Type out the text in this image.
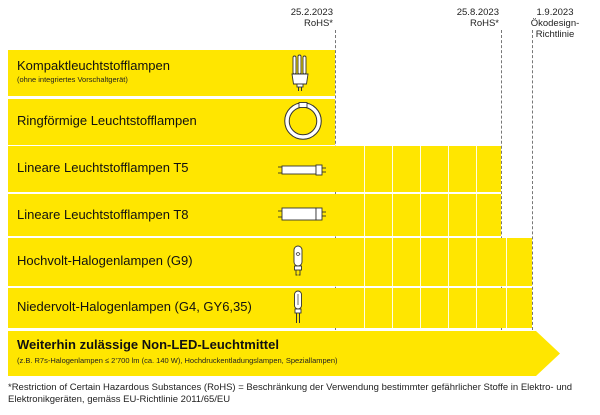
25.2.2023
RoHS*
25.8.2023
RoHS*
1.9.2023
Ökodesign-Richtlinie
Kompaktleuchtstofflampen
(ohne integriertes Vorschaltgerät)
Ringförmige Leuchtstofflampen
Lineare Leuchtstofflampen T5
Lineare Leuchtstofflampen T8
Hochvolt-Halogenlampen (G9)
Niedervolt-Halogenlampen (G4, GY6,35)
Weiterhin zulässige Non-LED-Leuchtmittel
(z.B. R7s-Halogenlampen ≤ 2’700 lm (ca. 140 W), Hochdruckentladungslampen, Speziallampen)
*Restriction of Certain Hazardous Substances (RoHS) = Beschränkung der Verwendung bestimmter gefährlicher Stoffe in Elektro- und Elektronikgeräten, gemäss EU-Richtlinie 2011/65/EU
